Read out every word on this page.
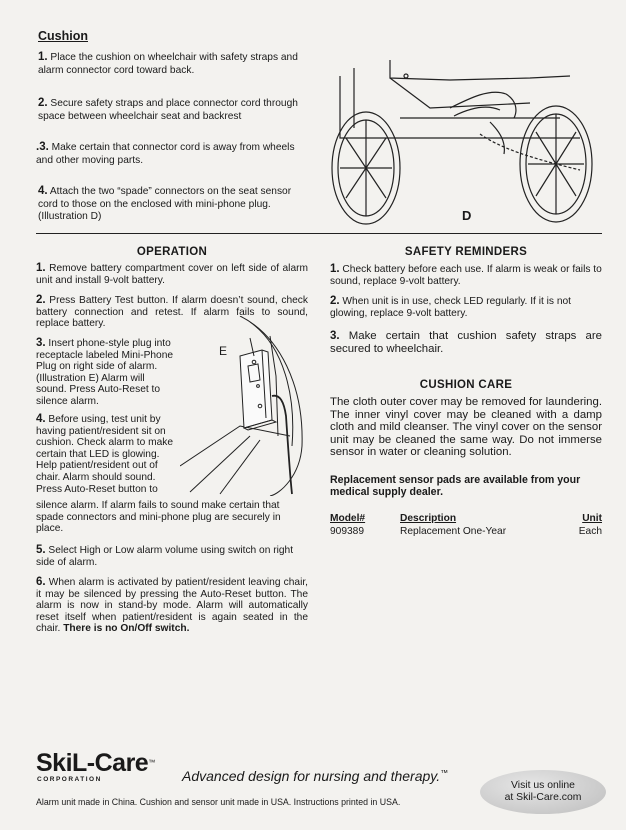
Cushion

1. Place the cushion on wheelchair with safety straps and alarm connector cord toward back.

2. Secure safety straps and place connector cord through space between wheelchair seat and backrest

.3. Make certain that connector cord is away from wheels and other moving parts.

4. Attach the two “spade” connectors on the seat sensor cord to those on the enclosed with mini-phone plug. (Illustration D)	D
OPERATION

1. Remove battery compartment cover on left side of alarm unit and install 9-volt battery.

2. Press Battery Test button. If alarm doesn’t sound, check battery connection and retest. If alarm fails to sound, replace battery.

3. Insert phone-style plug into receptacle labeled Mini-Phone Plug on right side of alarm. (Illustration E) Alarm will sound. Press Auto-Reset to silence alarm.

4. Before using, test unit by having patient/resident sit on cushion. Check alarm to make certain that LED is glowing. Help patient/resident out of chair. Alarm should sound. Press Auto-Reset button to

silence alarm. If alarm fails to sound make certain that spade connectors and mini-phone plug are securely in place.

5. Select High or Low alarm volume using switch on right side of alarm.

6. When alarm is activated by patient/resident leaving chair, it may be silenced by pressing the Auto-Reset button. The alarm is now in stand-by mode. Alarm will automatically reset itself when patient/resident is again seated in the chair. There is no On/Off switch.

E
SAFETY REMINDERS

1. Check battery before each use. If alarm is weak or fails to sound, replace 9-volt battery.

2. When unit is in use, check LED regularly. If it is not glowing, replace 9-volt battery.

3. Make certain that cushion safety straps are secured to wheelchair.

CUSHION CARE

The cloth outer cover may be removed for laundering. The inner vinyl cover may be cleaned with a damp cloth and mild cleanser. The vinyl cover on the sensor unit may be cleaned the same way. Do not immerse sensor in water or cleaning solution.

Replacement sensor pads are available from your medical supply dealer.

Model#	Description	Unit
909389	Replacement One-Year	Each
SkiL-Care™
CORPORATION	Advanced design for nursing and therapy.™
Visit us online
at Skil-Care.com
Alarm unit made in China. Cushion and sensor unit made in USA. Instructions printed in USA.
